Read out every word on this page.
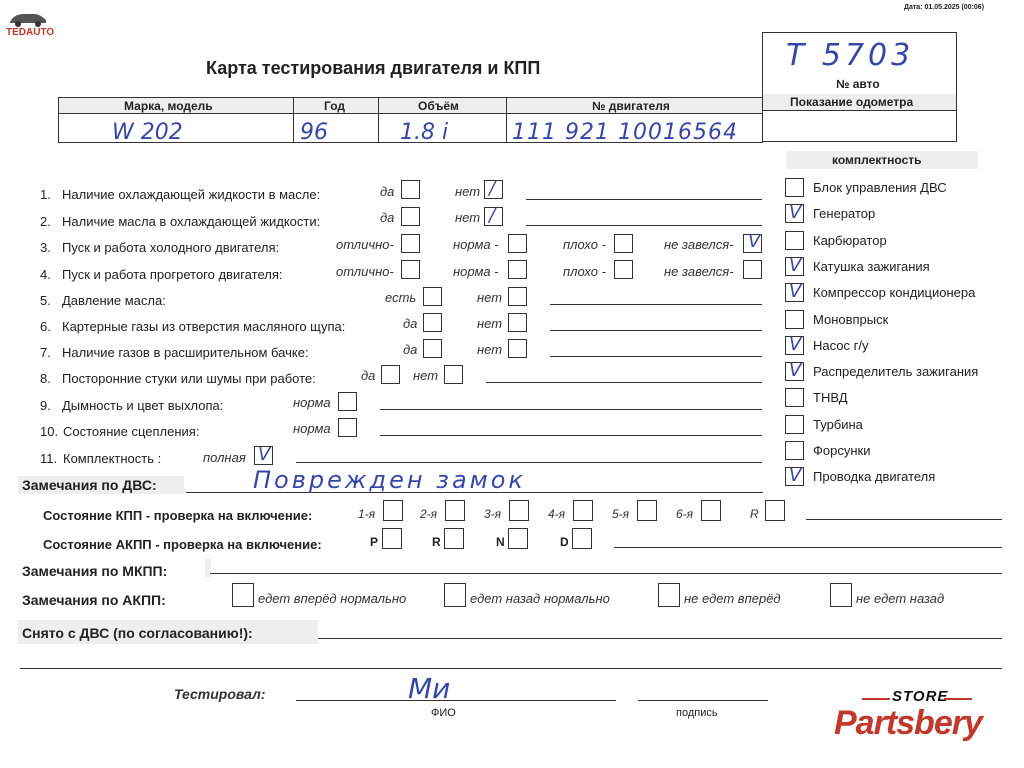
TEDAUTO
Дата: 01.05.2025 (00:06)
Карта тестирования двигателя и КПП	Т 5703
№ авто
Показание одометра
Марка, модель	Год	Объём	№ двигателя
W 202	96	1.8 i	111 921 10016564
1. Наличие охлаждающей жидкости в масле:	да	нет /
2. Наличие масла в охлаждающей жидкости:	да	нет /
3. Пуск и работа холодного двигателя:	отлично-	норма -	плохо -	не завелся- V
4. Пуск и работа прогретого двигателя:	отлично-	норма -	плохо -	не завелся-
5. Давление масла:	есть	нет
6. Картерные газы из отверстия масляного щупа:	да	нет
7. Наличие газов в расширительном бачке:	да	нет
8. Посторонние стуки или шумы при работе:	да	нет
9. Дымность и цвет выхлопа:	норма
10. Состояние сцепления:	норма
11. Комплектность :	полная V
комплектность
Блок управления ДВС
V Генератор
Карбюратор
V Катушка зажигания
V Компрессор кондиционера
Моновпрыск
V Насос г/у
V Распределитель зажигания
ТНВД
Турбина
Форсунки
V Проводка двигателя
Замечания по ДВС:	Поврежден замок
Состояние КПП - проверка на включение:	1-я	2-я	3-я	4-я	5-я	6-я	R
Состояние АКПП - проверка на включение:	P	R	N	D
Замечания по МКПП:
Замечания по АКПП:	едет вперёд нормально	едет назад нормально	не едет вперёд	не едет назад
Снято с ДВС (по согласованию!):
Тестировал:	Ми
ФИО	подпись
STORE
Partsbery
